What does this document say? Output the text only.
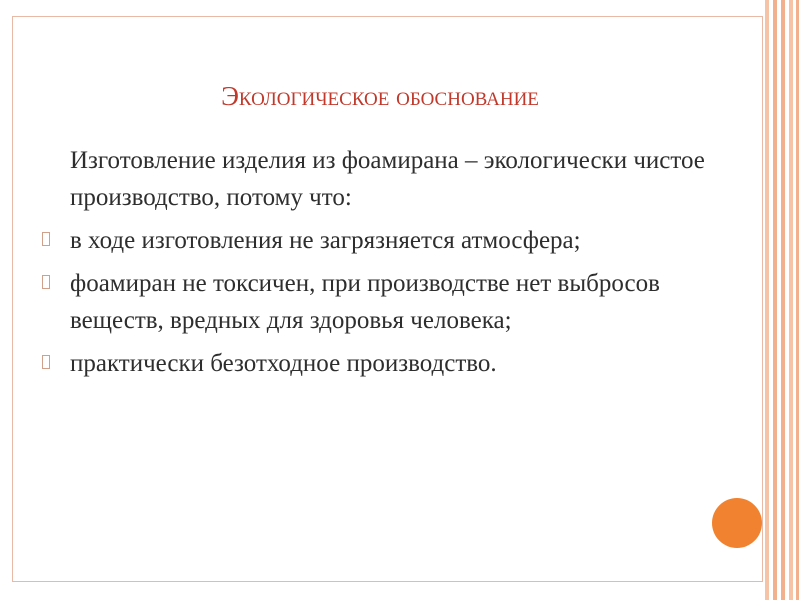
Экологическое обоснование
Изготовление изделия из фоамирана – экологически чистое производство, потому что:
в ходе изготовления не загрязняется атмосфера;
фоамиран не токсичен, при производстве нет выбросов веществ, вредных для здоровья человека;
практически безотходное производство.
